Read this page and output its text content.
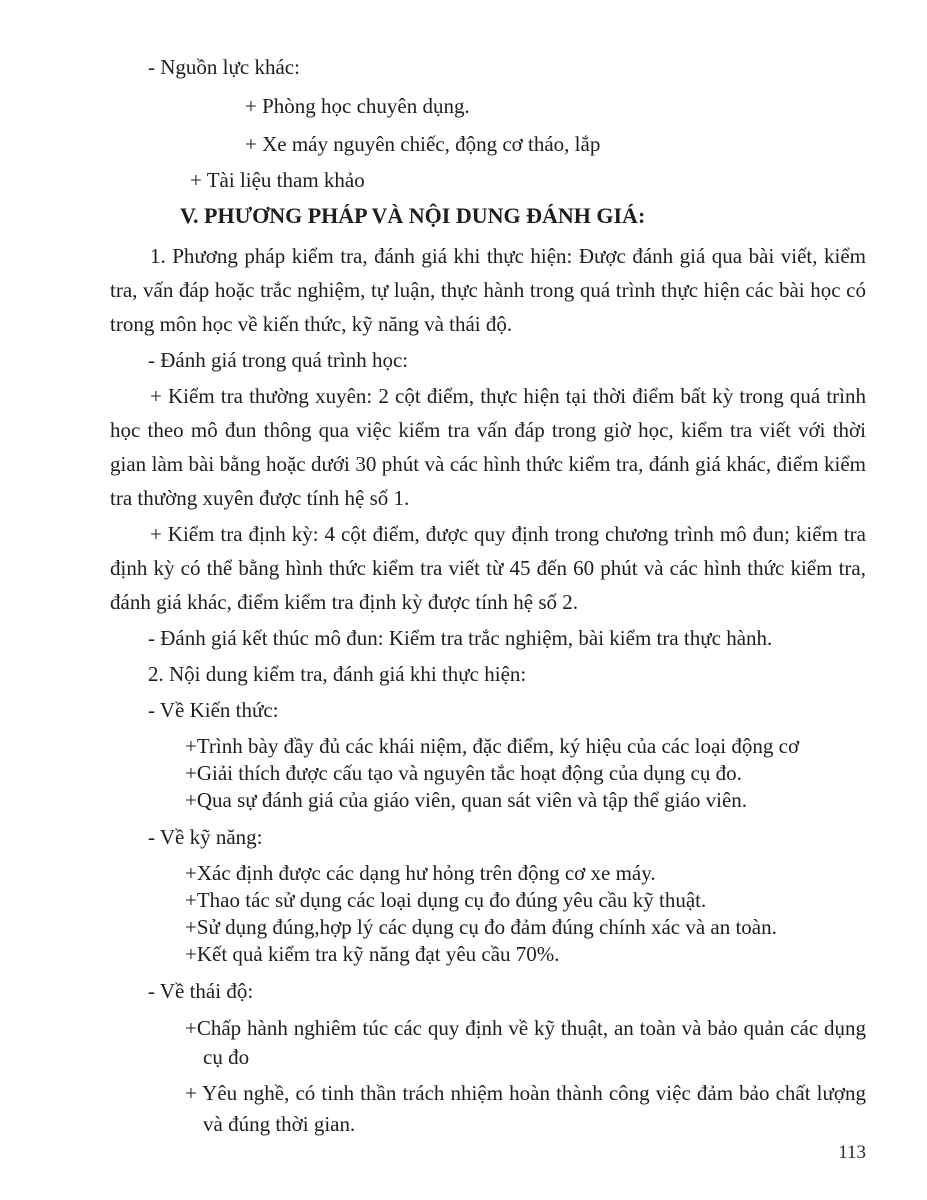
- Nguồn lực khác:
+ Phòng học chuyên dụng.
+ Xe máy nguyên chiếc, động cơ tháo, lắp
+ Tài liệu tham khảo
V. PHƯƠNG PHÁP VÀ NỘI DUNG ĐÁNH GIÁ:
1. Phương pháp kiểm tra, đánh giá khi thực hiện: Được đánh giá qua bài viết, kiểm tra, vấn đáp hoặc trắc nghiệm, tự luận, thực hành trong quá trình thực hiện các bài học có trong môn học về kiến thức, kỹ năng và thái độ.
- Đánh giá trong quá trình học:
+ Kiểm tra thường xuyên: 2 cột điểm, thực hiện tại thời điểm bất kỳ trong quá trình học theo mô đun thông qua việc kiểm tra vấn đáp trong giờ học, kiểm tra viết với thời gian làm bài bằng hoặc dưới 30 phút và các hình thức kiểm tra, đánh giá khác, điểm kiểm tra thường xuyên được tính hệ số 1.
+ Kiểm tra định kỳ: 4 cột điểm, được quy định trong chương trình mô đun; kiểm tra định kỳ có thể bằng hình thức kiểm tra viết từ 45 đến 60 phút và các hình thức kiểm tra, đánh giá khác, điểm kiểm tra định kỳ được tính hệ số 2.
- Đánh giá kết thúc mô đun: Kiểm tra trắc nghiệm, bài kiểm tra thực hành.
2. Nội dung kiểm tra, đánh giá khi thực hiện:
- Về Kiến thức:
+Trình bày đầy đủ các khái niệm, đặc điểm, ký hiệu của các loại động cơ
+Giải thích được cấu tạo và nguyên tắc hoạt động của dụng cụ đo.
+Qua sự đánh giá của giáo viên, quan sát viên và tập thể giáo viên.
- Về kỹ năng:
+Xác định được các dạng hư hỏng trên động cơ xe máy.
+Thao tác sử dụng các loại dụng cụ đo đúng yêu cầu kỹ thuật.
+Sử dụng đúng,hợp lý các dụng cụ đo đảm đúng chính xác và an toàn.
+Kết quả kiểm tra kỹ năng đạt yêu cầu 70%.
- Về thái độ:
+Chấp hành nghiêm túc các quy định về kỹ thuật, an toàn và bảo quản các dụng cụ đo
+ Yêu nghề, có tinh thần trách nhiệm hoàn thành công việc đảm bảo chất lượng và đúng thời gian.
113
